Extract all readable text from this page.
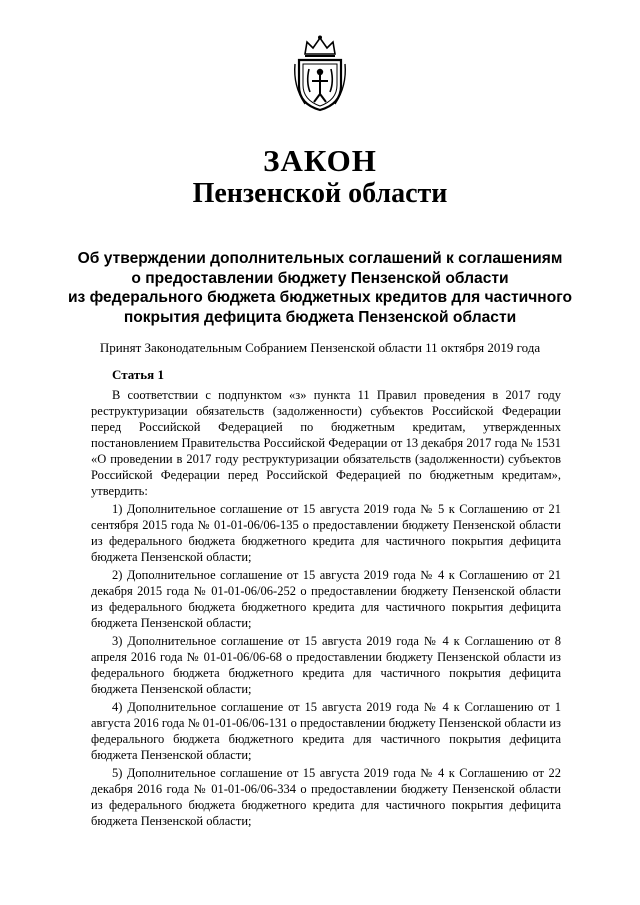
ЗАКОН
Пензенской области
Об утверждении дополнительных соглашений к соглашениям
о предоставлении бюджету Пензенской области
из федерального бюджета бюджетных кредитов для частичного
покрытия дефицита бюджета Пензенской области
Принят Законодательным Собранием Пензенской области 11 октября 2019 года
Статья 1

В соответствии с подпунктом «з» пункта 11 Правил проведения в 2017 году реструктуризации обязательств (задолженности) субъектов Российской Федерации перед Российской Федерацией по бюджетным кредитам, утвержденных постановлением Правительства Российской Федерации от 13 декабря 2017 года № 1531 «О проведении в 2017 году реструктуризации обязательств (задолженности) субъектов Российской Федерации перед Российской Федерацией по бюджетным кредитам», утвердить:

1) Дополнительное соглашение от 15 августа 2019 года № 5 к Соглашению от 21 сентября 2015 года № 01-01-06/06-135 о предоставлении бюджету Пензенской области из федерального бюджета бюджетного кредита для частичного покрытия дефицита бюджета Пензенской области;

2) Дополнительное соглашение от 15 августа 2019 года № 4 к Соглашению от 21 декабря 2015 года № 01-01-06/06-252 о предоставлении бюджету Пензенской области из федерального бюджета бюджетного кредита для частичного покрытия дефицита бюджета Пензенской области;

3) Дополнительное соглашение от 15 августа 2019 года № 4 к Соглашению от 8 апреля 2016 года № 01-01-06/06-68 о предоставлении бюджету Пензенской области из федерального бюджета бюджетного кредита для частичного покрытия дефицита бюджета Пензенской области;

4) Дополнительное соглашение от 15 августа 2019 года № 4 к Соглашению от 1 августа 2016 года № 01-01-06/06-131 о предоставлении бюджету Пензенской области из федерального бюджета бюджетного кредита для частичного покрытия дефицита бюджета Пензенской области;

5) Дополнительное соглашение от 15 августа 2019 года № 4 к Соглашению от 22 декабря 2016 года № 01-01-06/06-334 о предоставлении бюджету Пензенской области из федерального бюджета бюджетного кредита для частичного покрытия дефицита бюджета Пензенской области;
